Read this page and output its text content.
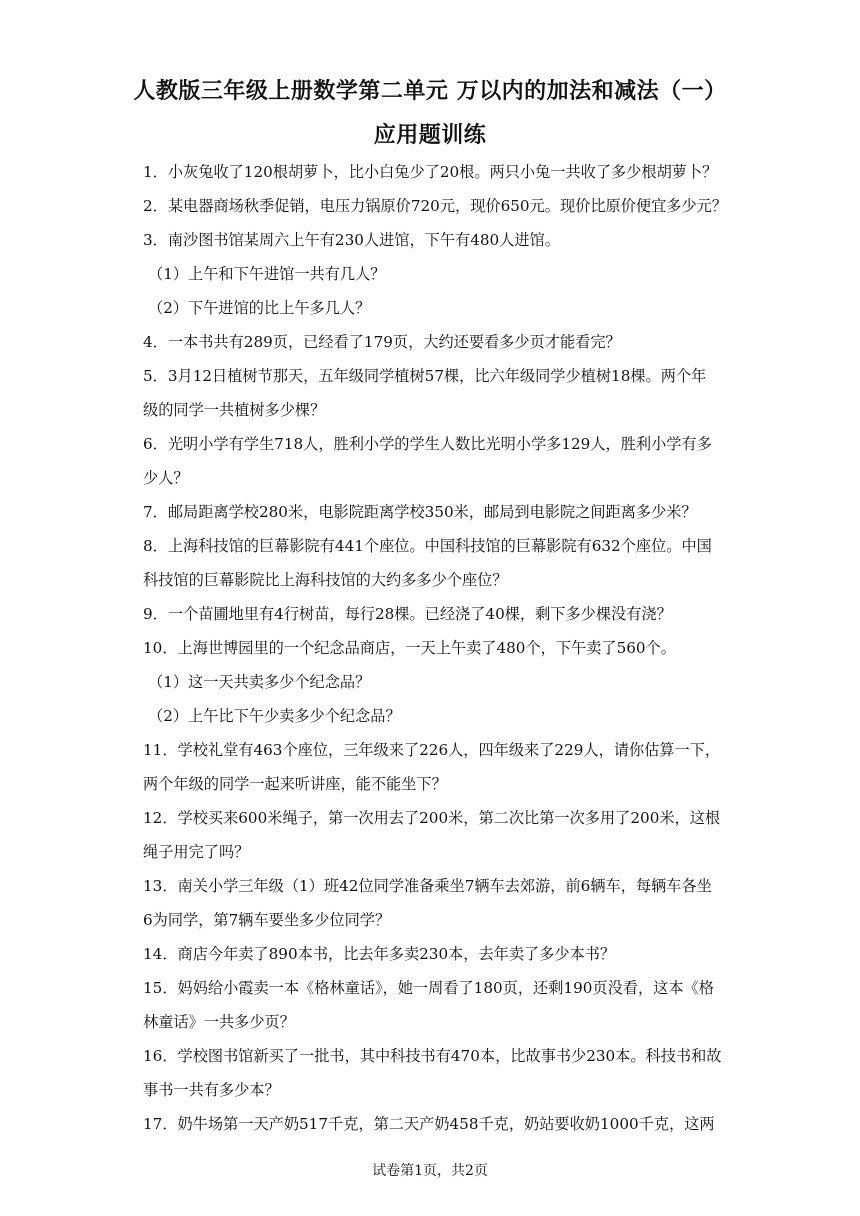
人教版三年级上册数学第二单元 万以内的加法和减法（一）
应用题训练
1．小灰兔收了120根胡萝卜，比小白兔少了20根。两只小兔一共收了多少根胡萝卜？
2．某电器商场秋季促销，电压力锅原价720元，现价650元。现价比原价便宜多少元？
3．南沙图书馆某周六上午有230人进馆，下午有480人进馆。
（1）上午和下午进馆一共有几人？
（2）下午进馆的比上午多几人？
4．一本书共有289页，已经看了179页，大约还要看多少页才能看完？
5．3月12日植树节那天，五年级同学植树57棵，比六年级同学少植树18棵。两个年
级的同学一共植树多少棵？
6．光明小学有学生718人，胜利小学的学生人数比光明小学多129人，胜利小学有多
少人？
7．邮局距离学校280米，电影院距离学校350米，邮局到电影院之间距离多少米？
8．上海科技馆的巨幕影院有441个座位。中国科技馆的巨幕影院有632个座位。中国
科技馆的巨幕影院比上海科技馆的大约多多少个座位？
9．一个苗圃地里有4行树苗，每行28棵。已经浇了40棵，剩下多少棵没有浇？
10．上海世博园里的一个纪念品商店，一天上午卖了480个，下午卖了560个。
（1）这一天共卖多少个纪念品？
（2）上午比下午少卖多少个纪念品？
11．学校礼堂有463个座位，三年级来了226人，四年级来了229人，请你估算一下，
两个年级的同学一起来听讲座，能不能坐下？
12．学校买来600米绳子，第一次用去了200米，第二次比第一次多用了200米，这根
绳子用完了吗？
13．南关小学三年级（1）班42位同学准备乘坐7辆车去郊游，前6辆车，每辆车各坐
6为同学，第7辆车要坐多少位同学？
14．商店今年卖了890本书，比去年多卖230本，去年卖了多少本书？
15．妈妈给小霞卖一本《格林童话》，她一周看了180页，还剩190页没看，这本《格
林童话》一共多少页？
16．学校图书馆新买了一批书，其中科技书有470本，比故事书少230本。科技书和故
事书一共有多少本？
17．奶牛场第一天产奶517千克，第二天产奶458千克，奶站要收奶1000千克，这两
试卷第1页，共2页
